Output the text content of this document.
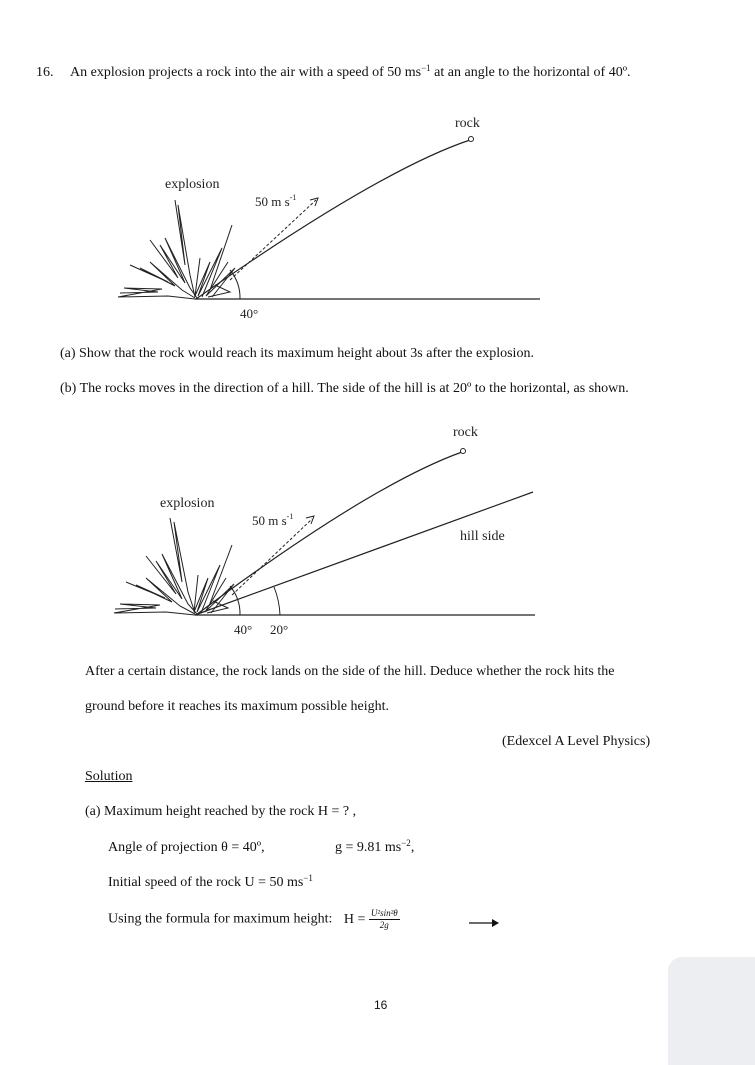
16. An explosion projects a rock into the air with a speed of 50 $ms^{-1}$ at an angle to the horizontal of 40º.
rock
explosion
50 m $s^{-1}$
40°
(a) Show that the rock would reach its maximum height about 3s after the explosion.
(b) The rocks moves in the direction of a hill. The side of the hill is at 20º to the horizontal, as shown.
rock
explosion
50 m $s^{-1}$
hill side
40° 20°
After a certain distance, the rock lands on the side of the hill. Deduce whether the rock hits the
ground before it reaches its maximum possible height.
(Edexcel A Level Physics)
Solution
(a) Maximum height reached by the rock H = ? ,
Angle of projection θ = 40º,	g = 9.81 $ms^{-2}$,
Initial speed of the rock U = 50 $ms^{-1}$
Using the formula for maximum height: $H = \frac{\text{U²sin²θ}}{2g}$
16
